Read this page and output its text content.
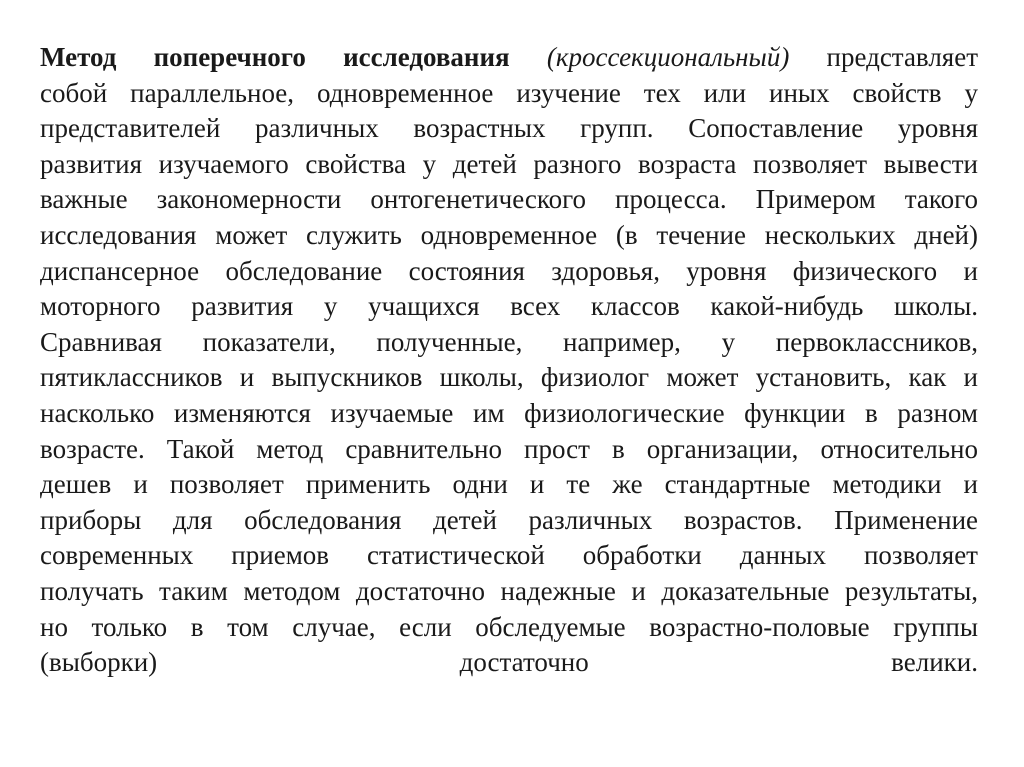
Метод поперечного исследования (кроссекциональный) представляет
собой параллельное, одновременное изучение тех или иных свойств у
представителей различных возрастных групп. Сопоставление уровня
развития изучаемого свойства у детей разного возраста позволяет вывести
важные закономерности онтогенетического процесса. Примером такого
исследования может служить одновременное (в течение нескольких дней)
диспансерное обследование состояния здоровья, уровня физического и
моторного развития у учащихся всех классов какой-нибудь школы.
Сравнивая показатели, полученные, например, у первоклассников,
пятиклассников и выпускников школы, физиолог может установить, как и
насколько изменяются изучаемые им физиологические функции в разном
возрасте. Такой метод сравнительно прост в организации, относительно
дешев и позволяет применить одни и те же стандартные методики и
приборы для обследования детей различных возрастов. Применение
современных приемов статистической обработки данных позволяет
получать таким методом достаточно надежные и доказательные результаты,
но только в том случае, если обследуемые возрастно-половые группы
(выборки) достаточно велики.
